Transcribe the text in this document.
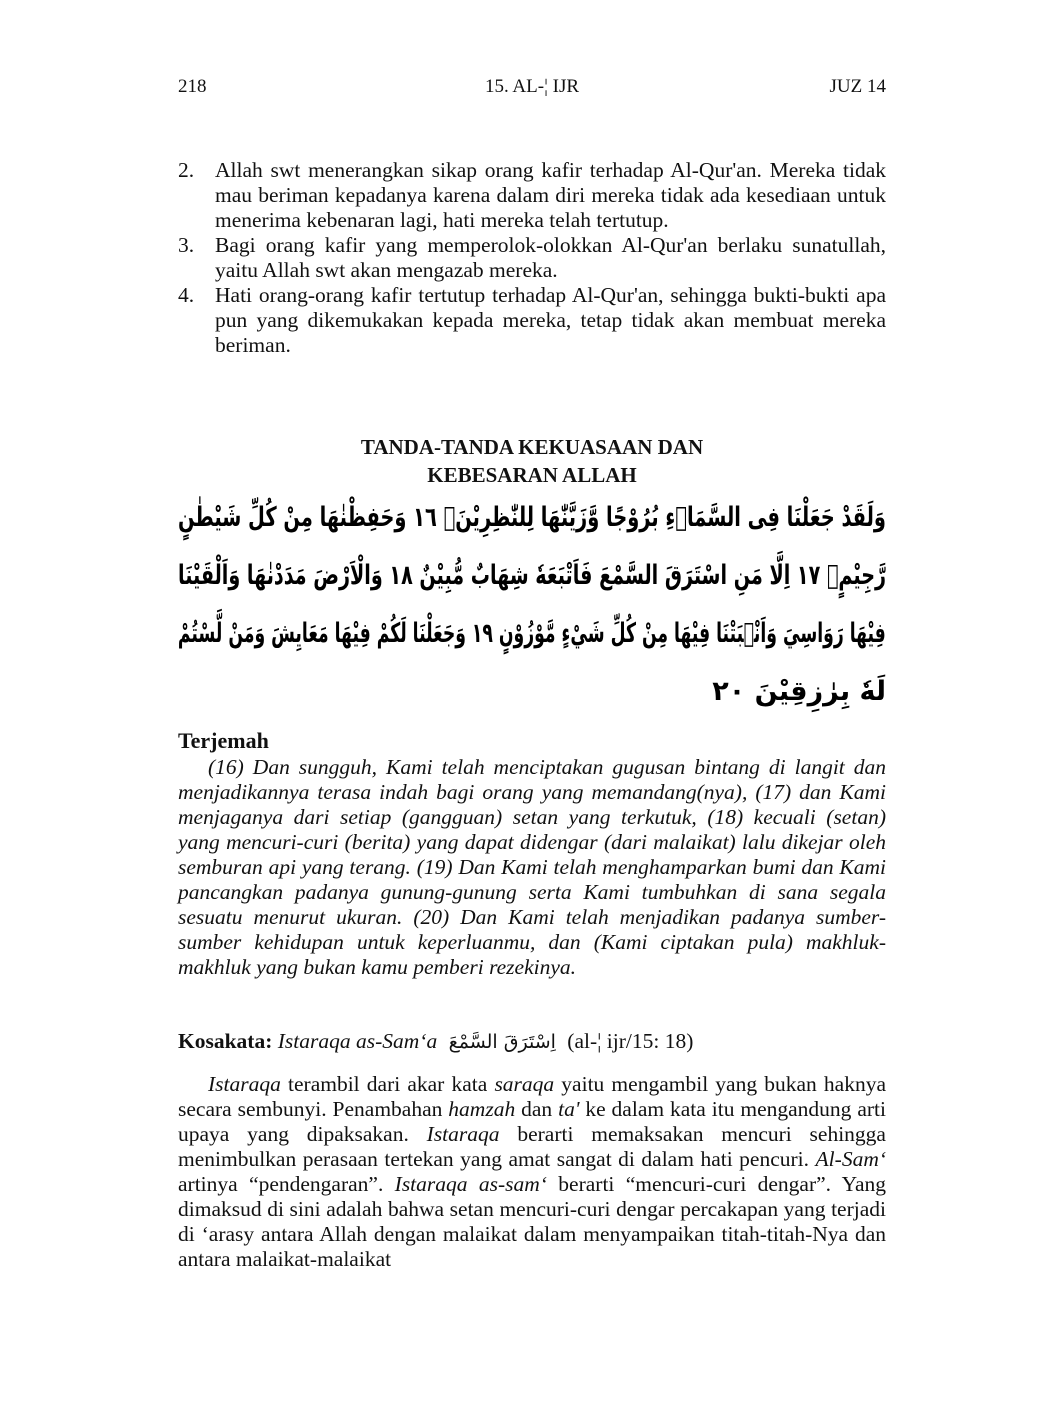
218	15. AL-¦ IJR	JUZ 14

2. Allah swt menerangkan sikap orang kafir terhadap Al-Qur'an. Mereka tidak mau beriman kepadanya karena dalam diri mereka tidak ada kesediaan untuk menerima kebenaran lagi, hati mereka telah tertutup.

3. Bagi orang kafir yang memperolok-olokkan Al-Qur'an berlaku sunatullah, yaitu Allah swt akan mengazab mereka.

4. Hati orang-orang kafir tertutup terhadap Al-Qur'an, sehingga bukti-bukti apa pun yang dikemukakan kepada mereka, tetap tidak akan membuat mereka beriman.

TANDA-TANDA KEKUASAAN DAN
KEBESARAN ALLAH
وَلَقَدْ جَعَلْنَا فِى السَّمَاۤءِ بُرُوْجًا وَّزَيَّنّٰهَا لِلنّٰظِرِيْنَۙ ١٦ وَحَفِظْنٰهَا مِنْ كُلِّ شَيْطٰنٍ
رَّجِيْمٍۙ ١٧ اِلَّا مَنِ اسْتَرَقَ السَّمْعَ فَاَتْبَعَهٗ شِهَابٌ مُّبِيْنٌ ١٨ وَالْاَرْضَ مَدَدْنٰهَا وَاَلْقَيْنَا
فِيْهَا رَوَاسِيَ وَاَنْۢبَتْنَا فِيْهَا مِنْ كُلِّ شَيْءٍ مَّوْزُوْنٍ ١٩ وَجَعَلْنَا لَكُمْ فِيْهَا مَعَايِشَ وَمَنْ لَّسْتُمْ
لَهٗ بِرٰزِقِيْنَ ٢٠
Terjemah

(16) Dan sungguh, Kami telah menciptakan gugusan bintang di langit dan menjadikannya terasa indah bagi orang yang memandang(nya), (17) dan Kami menjaganya dari setiap (gangguan) setan yang terkutuk, (18) kecuali (setan) yang mencuri-curi (berita) yang dapat didengar (dari malaikat) lalu dikejar oleh semburan api yang terang. (19) Dan Kami telah menghamparkan bumi dan Kami pancangkan padanya gunung-gunung serta Kami tumbuhkan di sana segala sesuatu menurut ukuran. (20) Dan Kami telah menjadikan padanya sumber-sumber kehidupan untuk keperluanmu, dan (Kami ciptakan pula) makhluk-makhluk yang bukan kamu pemberi rezekinya.

Kosakata: Istaraqa as-Sam‘a اِسْتَرَقَ السَّمْعَ (al-¦ ijr/15: 18)

Istaraqa terambil dari akar kata saraqa yaitu mengambil yang bukan haknya secara sembunyi. Penambahan hamzah dan ta' ke dalam kata itu mengandung arti upaya yang dipaksakan. Istaraqa berarti memaksakan mencuri sehingga menimbulkan perasaan tertekan yang amat sangat di dalam hati pencuri. Al-Sam‘ artinya “pendengaran”. Istaraqa as-sam‘ berarti “mencuri-curi dengar”. Yang dimaksud di sini adalah bahwa setan mencuri-curi dengar percakapan yang terjadi di ‘arasy antara Allah dengan malaikat dalam menyampaikan titah-titah-Nya dan antara malaikat-malaikat
